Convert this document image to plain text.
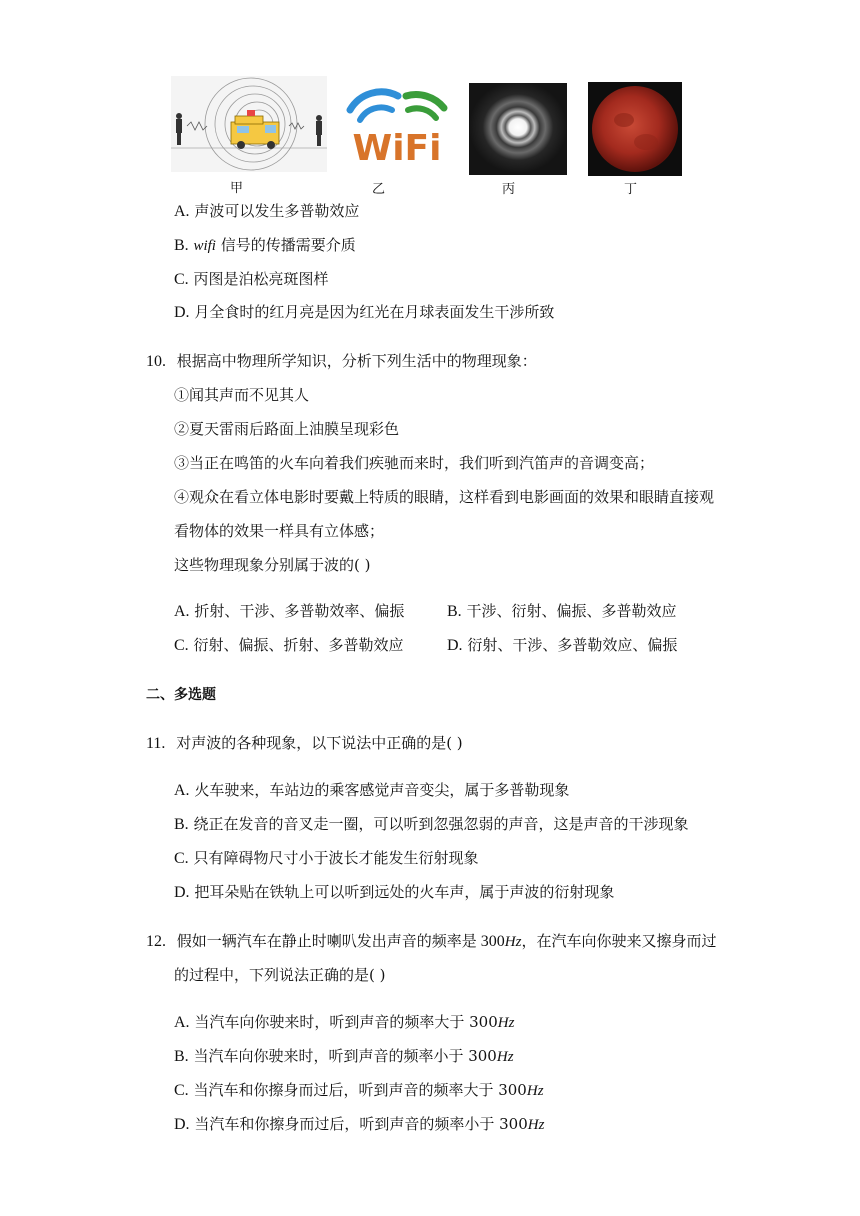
WiFi
甲	乙	丙	丁
A. 声波可以发生多普勒效应
B. wifi 信号的传播需要介质
C. 丙图是泊松亮斑图样
D. 月全食时的红月亮是因为红光在月球表面发生干涉所致
10. 根据高中物理所学知识，分析下列生活中的物理现象：
①闻其声而不见其人
②夏天雷雨后路面上油膜呈现彩色
③当正在鸣笛的火车向着我们疾驰而来时，我们听到汽笛声的音调变高；
④观众在看立体电影时要戴上特质的眼睛，这样看到电影画面的效果和眼睛直接观
看物体的效果一样具有立体感；
这些物理现象分别属于波的( )
A. 折射、干涉、多普勒效率、偏振	B. 干涉、衍射、偏振、多普勒效应
C. 衍射、偏振、折射、多普勒效应	D. 衍射、干涉、多普勒效应、偏振
二、多选题
11. 对声波的各种现象，以下说法中正确的是( )
A. 火车驶来，车站边的乘客感觉声音变尖，属于多普勒现象
B. 绕正在发音的音叉走一圈，可以听到忽强忽弱的声音，这是声音的干涉现象
C. 只有障碍物尺寸小于波长才能发生衍射现象
D. 把耳朵贴在铁轨上可以听到远处的火车声，属于声波的衍射现象
12. 假如一辆汽车在静止时喇叭发出声音的频率是 300Hz，在汽车向你驶来又擦身而过
的过程中，下列说法正确的是( )
A. 当汽车向你驶来时，听到声音的频率大于 300Hz
B. 当汽车向你驶来时，听到声音的频率小于 300Hz
C. 当汽车和你擦身而过后，听到声音的频率大于 300Hz
D. 当汽车和你擦身而过后，听到声音的频率小于 300Hz
